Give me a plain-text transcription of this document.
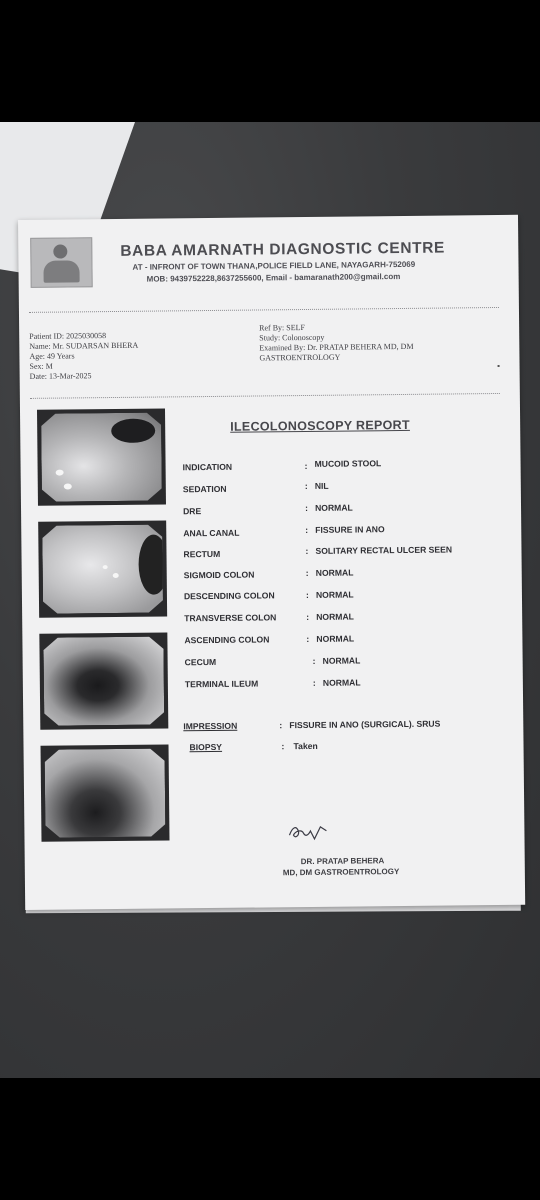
BABA AMARNATH DIAGNOSTIC CENTRE
AT - INFRONT OF TOWN THANA,POLICE FIELD LANE, NAYAGARH-752069
MOB: 9439752228,8637255600, Email - bamaranath200@gmail.com
Patient ID: 2025030058
Name: Mr. SUDARSAN BHERA
Age: 49 Years
Sex: M
Date: 13-Mar-2025
Ref By: SELF
Study: Colonoscopy
Examined By: Dr. PRATAP BEHERA MD, DM
GASTROENTROLOGY
ILECOLONOSCOPY REPORT
INDICATION	: MUCOID STOOL
SEDATION	: NIL
DRE	: NORMAL
ANAL CANAL	: FISSURE IN ANO
RECTUM	: SOLITARY RECTAL ULCER SEEN
SIGMOID COLON	: NORMAL
DESCENDING COLON	: NORMAL
TRANSVERSE COLON	: NORMAL
ASCENDING COLON	: NORMAL
CECUM	: NORMAL
TERMINAL ILEUM	: NORMAL
IMPRESSION	: FISSURE IN ANO (SURGICAL). SRUS
BIOPSY	: Taken
DR. PRATAP BEHERA
MD, DM GASTROENTROLOGY
